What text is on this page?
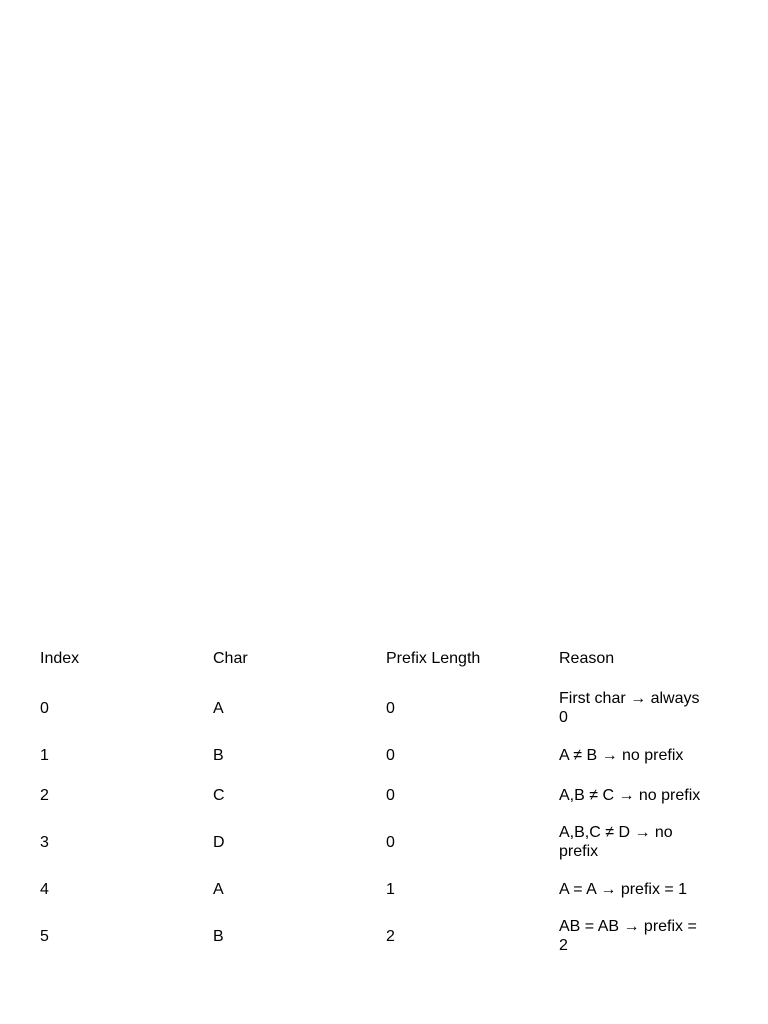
Index	Char	Prefix Length	Reason
0	A	0	First char → always 0
1	B	0	A ≠ B → no prefix
2	C	0	A,B ≠ C → no prefix
3	D	0	A,B,C ≠ D → no prefix
4	A	1	A = A → prefix = 1
5	B	2	AB = AB → prefix = 2
